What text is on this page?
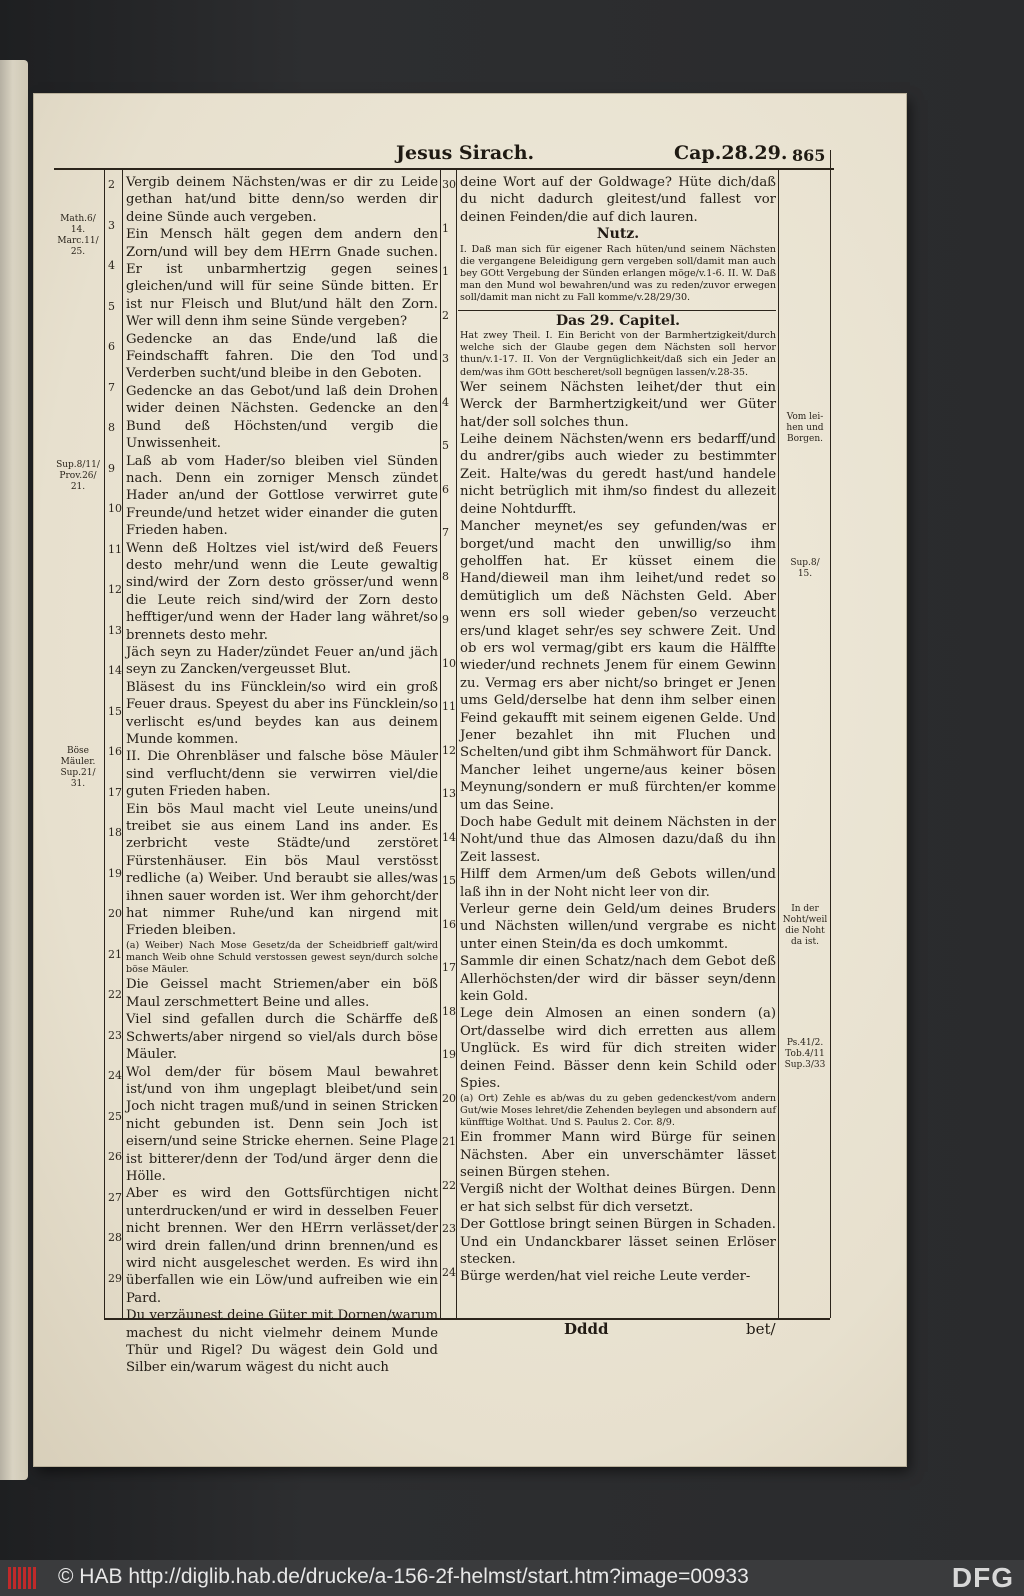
Jesus Sirach.	Cap.28.29. 865
Math.6/ 14. Marc.11/ 25.
Sup.8/11/ Prov.26/ 21.
Böse Mäuler. Sup.21/ 31.
Vom lei- hen und Borgen.
Sup.8/ 15.
In der Noht/weil die Noht da ist.
Ps.41/2. Tob.4/11 Sup.3/33
2
3
4
5
6
7
8
9
10
11
12
13
14
15
16
17
18
19
20
21
22
23
24
25
26
27
28
29
30
1
1
2
3
4
5
6
7
8
9
10
11
12
13
14
15
16
17
18
19
20
21
22
23
24

Vergib deinem Nächsten/was er dir zu Leide gethan hat/und bitte denn/so werden dir deine Sünde auch vergeben.

Ein Mensch hält gegen dem andern den Zorn/und will bey dem HErrn Gnade suchen. Er ist unbarmhertzig gegen seines gleichen/und will für seine Sünde bitten. Er ist nur Fleisch und Blut/und hält den Zorn. Wer will denn ihm seine Sünde vergeben?

Gedencke an das Ende/und laß die Feindschafft fahren. Die den Tod und Verderben sucht/und bleibe in den Geboten.

Gedencke an das Gebot/und laß dein Drohen wider deinen Nächsten. Gedencke an den Bund deß Höchsten/und vergib die Unwissenheit.

Laß ab vom Hader/so bleiben viel Sünden nach. Denn ein zorniger Mensch zündet Hader an/und der Gottlose verwirret gute Freunde/und hetzet wider einander die guten Frieden haben.

Wenn deß Holtzes viel ist/wird deß Feuers desto mehr/und wenn die Leute gewaltig sind/wird der Zorn desto grösser/und wenn die Leute reich sind/wird der Zorn desto hefftiger/und wenn der Hader lang währet/so brennets desto mehr.

Jäch seyn zu Hader/zündet Feuer an/und jäch seyn zu Zancken/vergeusset Blut.

Bläsest du ins Füncklein/so wird ein groß Feuer draus. Speyest du aber ins Füncklein/so verlischt es/und beydes kan aus deinem Munde kommen.

II. Die Ohrenbläser und falsche böse Mäuler sind verflucht/denn sie verwirren viel/die guten Frieden haben.

Ein bös Maul macht viel Leute uneins/und treibet sie aus einem Land ins ander. Es zerbricht veste Städte/und zerstöret Fürstenhäuser. Ein bös Maul verstösst redliche (a) Weiber. Und beraubt sie alles/was ihnen sauer worden ist. Wer ihm gehorcht/der hat nimmer Ruhe/und kan nirgend mit Frieden bleiben.

(a) Weiber) Nach Mose Gesetz/da der Scheidbrieff galt/wird manch Weib ohne Schuld verstossen gewest seyn/durch solche böse Mäuler.

Die Geissel macht Striemen/aber ein böß Maul zerschmettert Beine und alles.

Viel sind gefallen durch die Schärffe deß Schwerts/aber nirgend so viel/als durch böse Mäuler.

Wol dem/der für bösem Maul bewahret ist/und von ihm ungeplagt bleibet/und sein Joch nicht tragen muß/und in seinen Stricken nicht gebunden ist. Denn sein Joch ist eisern/und seine Stricke ehernen. Seine Plage ist bitterer/denn der Tod/und ärger denn die Hölle.

Aber es wird den Gottsfürchtigen nicht unterdrucken/und er wird in desselben Feuer nicht brennen. Wer den HErrn verlässet/der wird drein fallen/und drinn brennen/und es wird nicht ausgeleschet werden. Es wird ihn überfallen wie ein Löw/und aufreiben wie ein Pard.

Du verzäunest deine Güter mit Dornen/warum machest du nicht vielmehr deinem Munde Thür und Rigel? Du wägest dein Gold und Silber ein/warum wägest du nicht auch

deine Wort auf der Goldwage? Hüte dich/daß du nicht dadurch gleitest/und fallest vor deinen Feinden/die auf dich lauren.

Nutz.

I. Daß man sich für eigener Rach hüten/und seinem Nächsten die vergangene Beleidigung gern vergeben soll/damit man auch bey GOtt Vergebung der Sünden erlangen möge/v.1-6. II. W. Daß man den Mund wol bewahren/und was zu reden/zuvor erwegen soll/damit man nicht zu Fall komme/v.28/29/30.

Das 29. Capitel.

Hat zwey Theil. I. Ein Bericht von der Barmhertzigkeit/durch welche sich der Glaube gegen dem Nächsten soll hervor thun/v.1-17. II. Von der Vergnüglichkeit/daß sich ein Jeder an dem/was ihm GOtt bescheret/soll begnügen lassen/v.28-35.

Wer seinem Nächsten leihet/der thut ein Werck der Barmhertzigkeit/und wer Güter hat/der soll solches thun.

Leihe deinem Nächsten/wenn ers bedarff/und du andrer/gibs auch wieder zu bestimmter Zeit. Halte/was du geredt hast/und handele nicht betrüglich mit ihm/so findest du allezeit deine Nohtdurfft.

Mancher meynet/es sey gefunden/was er borget/und macht den unwillig/so ihm geholffen hat. Er küsset einem die Hand/dieweil man ihm leihet/und redet so demütiglich um deß Nächsten Geld. Aber wenn ers soll wieder geben/so verzeucht ers/und klaget sehr/es sey schwere Zeit. Und ob ers wol vermag/gibt ers kaum die Hälffte wieder/und rechnets Jenem für einem Gewinn zu. Vermag ers aber nicht/so bringet er Jenen ums Geld/derselbe hat denn ihm selber einen Feind gekaufft mit seinem eigenen Gelde. Und Jener bezahlet ihn mit Fluchen und Schelten/und gibt ihm Schmähwort für Danck.

Mancher leihet ungerne/aus keiner bösen Meynung/sondern er muß fürchten/er komme um das Seine.

Doch habe Gedult mit deinem Nächsten in der Noht/und thue das Almosen dazu/daß du ihn Zeit lassest.

Hilff dem Armen/um deß Gebots willen/und laß ihn in der Noht nicht leer von dir.

Verleur gerne dein Geld/um deines Bruders und Nächsten willen/und vergrabe es nicht unter einen Stein/da es doch umkommt.

Sammle dir einen Schatz/nach dem Gebot deß Allerhöchsten/der wird dir bässer seyn/denn kein Gold.

Lege dein Almosen an einen sondern (a) Ort/dasselbe wird dich erretten aus allem Unglück. Es wird für dich streiten wider deinen Feind. Bässer denn kein Schild oder Spies.

(a) Ort) Zehle es ab/was du zu geben gedenckest/vom andern Gut/wie Moses lehret/die Zehenden beylegen und absondern auf künfftige Wolthat. Und S. Paulus 2. Cor. 8/9.

Ein frommer Mann wird Bürge für seinen Nächsten. Aber ein unverschämter lässet seinen Bürgen stehen.

Vergiß nicht der Wolthat deines Bürgen. Denn er hat sich selbst für dich versetzt.

Der Gottlose bringt seinen Bürgen in Schaden. Und ein Undanckbarer lässet seinen Erlöser stecken.

Bürge werden/hat viel reiche Leute verder-

Dddd	bet/
© HAB http://diglib.hab.de/drucke/a-156-2f-helmst/start.htm?image=00933	DFG
